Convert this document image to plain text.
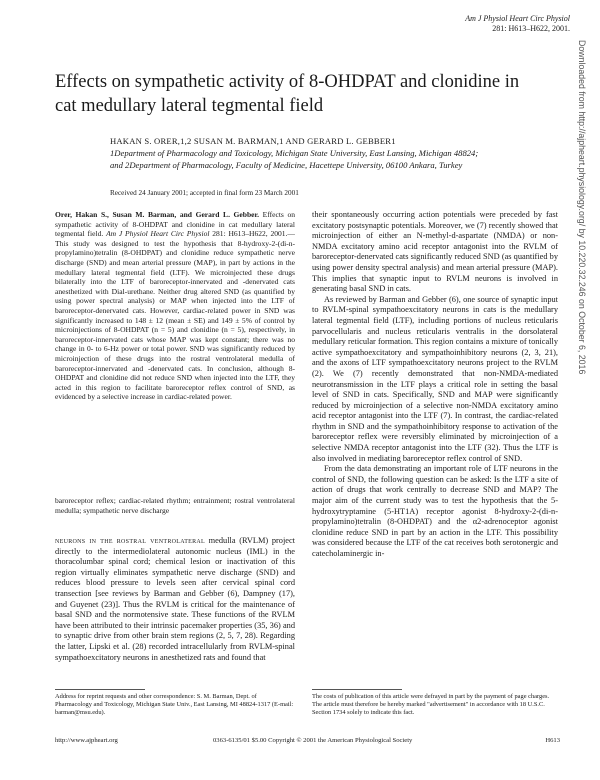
Am J Physiol Heart Circ Physiol
281: H613–H622, 2001.
Effects on sympathetic activity of 8-OHDPAT and clonidine in cat medullary lateral tegmental field
HAKAN S. ORER,1,2 SUSAN M. BARMAN,1 AND GERARD L. GEBBER1
1Department of Pharmacology and Toxicology, Michigan State University, East Lansing, Michigan 48824; and 2Department of Pharmacology, Faculty of Medicine, Hacettepe University, 06100 Ankara, Turkey
Received 24 January 2001; accepted in final form 23 March 2001

Orer, Hakan S., Susan M. Barman, and Gerard L. Gebber. Effects on sympathetic activity of 8-OHDPAT and clonidine in cat medullary lateral tegmental field. Am J Physiol Heart Circ Physiol 281: H613–H622, 2001.—This study was designed to test the hypothesis that 8-hydroxy-2-(di-n-propylamino)tetralin (8-OHDPAT) and clonidine reduce sympathetic nerve discharge (SND) and mean arterial pressure (MAP), in part by actions in the medullary lateral tegmental field (LTF). We microinjected these drugs bilaterally into the LTF of baroreceptor-innervated and -denervated cats anesthetized with Dial-urethane. Neither drug altered SND (as quantified by using power spectral analysis) or MAP when injected into the LTF of baroreceptor-denervated cats. However, cardiac-related power in SND was significantly increased to 148 ± 12 (mean ± SE) and 149 ± 5% of control by microinjections of 8-OHDPAT (n = 5) and clonidine (n = 5), respectively, in baroreceptor-innervated cats whose MAP was kept constant; there was no change in 0- to 6-Hz power or total power. SND was significantly reduced by microinjection of these drugs into the rostral ventrolateral medulla of baroreceptor-innervated and -denervated cats. In conclusion, although 8-OHDPAT and clonidine did not reduce SND when injected into the LTF, they acted in this region to facilitate baroreceptor reflex control of SND, as evidenced by a selective increase in cardiac-related power.

baroreceptor reflex; cardiac-related rhythm; entrainment; rostral ventrolateral medulla; sympathetic nerve discharge

neurons in the rostral ventrolateral medulla (RVLM) project directly to the intermediolateral autonomic nucleus (IML) in the thoracolumbar spinal cord; chemical lesion or inactivation of this region virtually eliminates sympathetic nerve discharge (SND) and reduces blood pressure to levels seen after cervical spinal cord transection [see reviews by Barman and Gebber (6), Dampney (17), and Guyenet (23)]. Thus the RVLM is critical for the maintenance of basal SND and the normotensive state. These functions of the RVLM have been attributed to their intrinsic pacemaker properties (35, 36) and to synaptic drive from other brain stem regions (2, 5, 7, 28). Regarding the latter, Lipski et al. (28) recorded intracellularly from RVLM-spinal sympathoexcitatory neurons in anesthetized rats and found that

their spontaneously occurring action potentials were preceded by fast excitatory postsynaptic potentials. Moreover, we (7) recently showed that microinjection of either an N-methyl-d-aspartate (NMDA) or non-NMDA excitatory amino acid receptor antagonist into the RVLM of baroreceptor-denervated cats significantly reduced SND (as quantified by using power density spectral analysis) and mean arterial pressure (MAP). This implies that synaptic input to RVLM neurons is involved in generating basal SND in cats.

As reviewed by Barman and Gebber (6), one source of synaptic input to RVLM-spinal sympathoexcitatory neurons in cats is the medullary lateral tegmental field (LTF), including portions of nucleus reticularis parvocellularis and nucleus reticularis ventralis in the dorsolateral medullary reticular formation. This region contains a mixture of tonically active sympathoexcitatory and sympathoinhibitory neurons (2, 3, 21), and the axons of LTF sympathoexcitatory neurons project to the RVLM (2). We (7) recently demonstrated that non-NMDA-mediated neurotransmission in the LTF plays a critical role in setting the basal level of SND in cats. Specifically, SND and MAP were significantly reduced by microinjection of a selective non-NMDA excitatory amino acid receptor antagonist into the LTF (7). In contrast, the cardiac-related rhythm in SND and the sympathoinhibitory response to activation of the baroreceptor reflex were reversibly eliminated by microinjection of a selective NMDA receptor antagonist into the LTF (32). Thus the LTF is also involved in mediating baroreceptor reflex control of SND.

From the data demonstrating an important role of LTF neurons in the control of SND, the following question can be asked: Is the LTF a site of action of drugs that work centrally to decrease SND and MAP? The major aim of the current study was to test the hypothesis that the 5-hydroxytryptamine (5-HT1A) receptor agonist 8-hydroxy-2-(di-n-propylamino)tetralin (8-OHDPAT) and the α2-adrenoceptor agonist clonidine reduce SND in part by an action in the LTF. This possibility was considered because the LTF of the cat receives both serotonergic and catecholaminergic in-

Address for reprint requests and other correspondence: S. M. Barman, Dept. of Pharmacology and Toxicology, Michigan State Univ., East Lansing, MI 48824-1317 (E-mail: barman@msu.edu).
The costs of publication of this article were defrayed in part by the payment of page charges. The article must therefore be hereby marked "advertisement" in accordance with 18 U.S.C. Section 1734 solely to indicate this fact.
http://www.ajpheart.org	0363-6135/01 $5.00 Copyright © 2001 the American Physiological Society	H613
Downloaded from http://ajpheart.physiology.org/ by 10.220.32.246 on October 6, 2016
